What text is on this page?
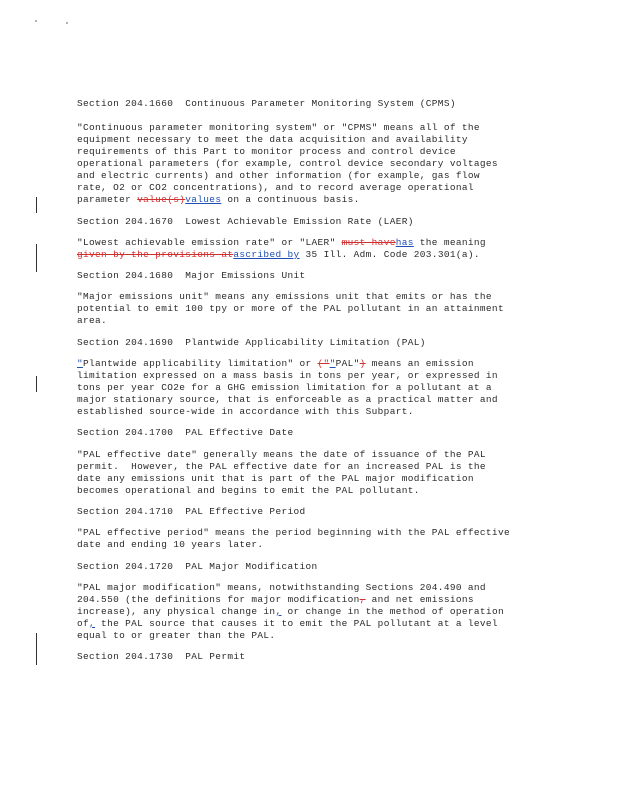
Section 204.1660  Continuous Parameter Monitoring System (CPMS)
"Continuous parameter monitoring system" or "CPMS" means all of the
equipment necessary to meet the data acquisition and availability
requirements of this Part to monitor process and control device
operational parameters (for example, control device secondary voltages
and electric currents) and other information (for example, gas flow
rate, O2 or CO2 concentrations), and to record average operational
parameter value(s)values on a continuous basis.
Section 204.1670  Lowest Achievable Emission Rate (LAER)
"Lowest achievable emission rate" or "LAER" must havehas the meaning
given by the provisions atascribed by 35 Ill. Adm. Code 203.301(a).
Section 204.1680  Major Emissions Unit
"Major emissions unit" means any emissions unit that emits or has the
potential to emit 100 tpy or more of the PAL pollutant in an attainment
area.
Section 204.1690  Plantwide Applicability Limitation (PAL)
"Plantwide applicability limitation" or (""PAL") means an emission
limitation expressed on a mass basis in tons per year, or expressed in
tons per year CO2e for a GHG emission limitation for a pollutant at a
major stationary source, that is enforceable as a practical matter and
established source-wide in accordance with this Subpart.
Section 204.1700  PAL Effective Date
"PAL effective date" generally means the date of issuance of the PAL
permit.  However, the PAL effective date for an increased PAL is the
date any emissions unit that is part of the PAL major modification
becomes operational and begins to emit the PAL pollutant.
Section 204.1710  PAL Effective Period
"PAL effective period" means the period beginning with the PAL effective
date and ending 10 years later.
Section 204.1720  PAL Major Modification
"PAL major modification" means, notwithstanding Sections 204.490 and
204.550 (the definitions for major modification, and net emissions
increase), any physical change in, or change in the method of operation
of, the PAL source that causes it to emit the PAL pollutant at a level
equal to or greater than the PAL.
Section 204.1730  PAL Permit
